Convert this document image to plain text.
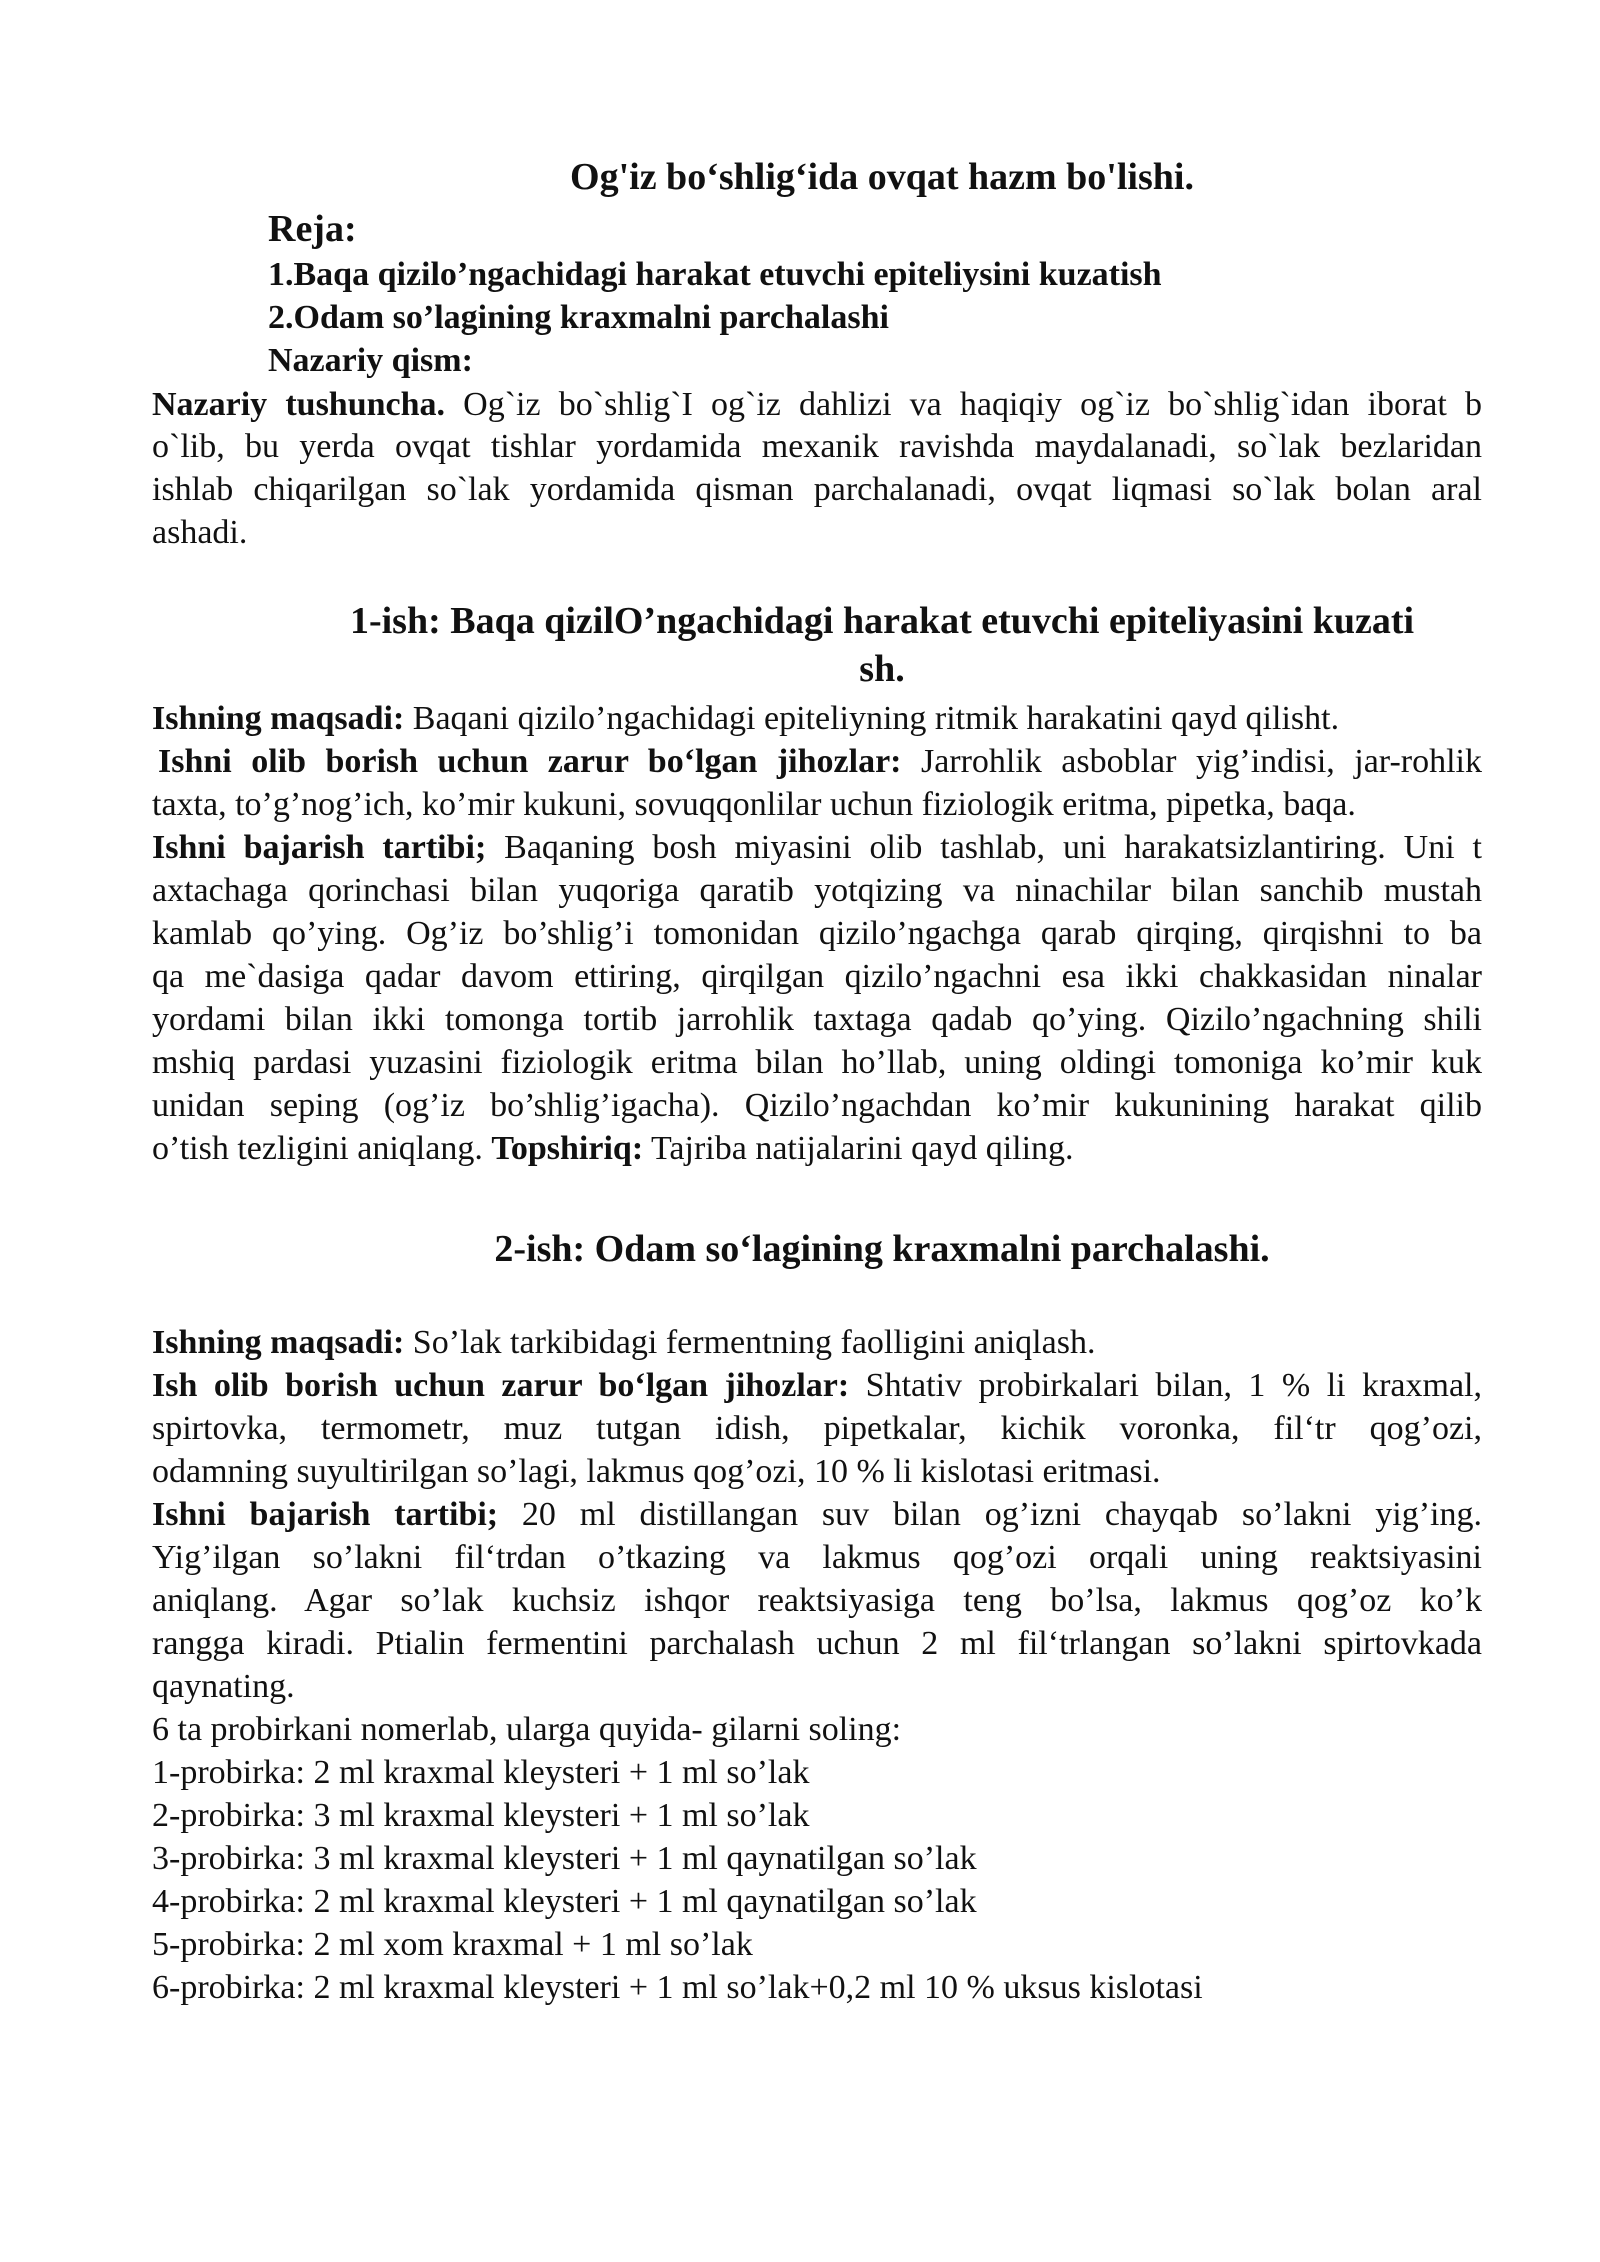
Og'iz bo‘shlig‘ida ovqat hazm bo'lishi.
Reja:
1.Baqa qizilo’ngachidagi harakat etuvchi epiteliysini kuzatish
2.Odam so’lagining kraxmalni parchalashi
Nazariy qism:
Nazariy tushuncha. Og`iz bo`shlig`I og`iz dahlizi va haqiqiy og`iz bo`shlig`idan iborat b
o`lib, bu yerda ovqat tishlar yordamida mexanik ravishda maydalanadi, so`lak bezlaridan
ishlab chiqarilgan so`lak yordamida qisman parchalanadi, ovqat liqmasi so`lak bolan aral
ashadi.
1-ish: Baqa qizilO’ngachidagi harakat etuvchi epiteliyasini kuzati
sh.
Ishning maqsadi: Baqani qizilo’ngachidagi epiteliyning ritmik harakatini qayd qilisht.
Ishni olib borish uchun zarur bo‘lgan jihozlar: Jarrohlik asboblar yig’indisi, jar-rohlik
taxta, to’g’nog’ich, ko’mir kukuni, sovuqqonlilar uchun fiziologik eritma, pipetka, baqa.
Ishni bajarish tartibi; Baqaning bosh miyasini olib tashlab, uni harakatsizlantiring. Uni t
axtachaga qorinchasi bilan yuqoriga qaratib yotqizing va ninachilar bilan sanchib mustah
kamlab qo’ying. Og’iz bo’shlig’i tomonidan qizilo’ngachga qarab qirqing, qirqishni to ba
qa me`dasiga qadar davom ettiring, qirqilgan qizilo’ngachni esa ikki chakkasidan ninalar
yordami bilan ikki tomonga tortib jarrohlik taxtaga qadab qo’ying. Qizilo’ngachning shili
mshiq pardasi yuzasini fiziologik eritma bilan ho’llab, uning oldingi tomoniga ko’mir kuk
unidan seping (og’iz bo’shlig’igacha). Qizilo’ngachdan ko’mir kukunining harakat qilib
o’tish tezligini aniqlang. Topshiriq: Tajriba natijalarini qayd qiling.
2-ish: Odam so‘lagining kraxmalni parchalashi.
Ishning maqsadi: So’lak tarkibidagi fermentning faolligini aniqlash.
Ish olib borish uchun zarur bo‘lgan jihozlar: Shtativ probirkalari bilan, 1 % li kraxmal,
spirtovka, termometr, muz tutgan idish, pipetkalar, kichik voronka, fil‘tr qog’ozi,
odamning suyultirilgan so’lagi, lakmus qog’ozi, 10 % li kislotasi eritmasi.
Ishni bajarish tartibi; 20 ml distillangan suv bilan og’izni chayqab so’lakni yig’ing.
Yig’ilgan so’lakni fil‘trdan o’tkazing va lakmus qog’ozi orqali uning reaktsiyasini
aniqlang. Agar so’lak kuchsiz ishqor reaktsiyasiga teng bo’lsa, lakmus qog’oz ko’k
rangga kiradi. Ptialin fermentini parchalash uchun 2 ml fil‘trlangan so’lakni spirtovkada
qaynating.
6 ta probirkani nomerlab, ularga quyida- gilarni soling:
1-probirka: 2 ml kraxmal kleysteri + 1 ml so’lak
2-probirka: 3 ml kraxmal kleysteri + 1 ml so’lak
3-probirka: 3 ml kraxmal kleysteri + 1 ml qaynatilgan so’lak
4-probirka: 2 ml kraxmal kleysteri + 1 ml qaynatilgan so’lak
5-probirka: 2 ml xom kraxmal + 1 ml so’lak
6-probirka: 2 ml kraxmal kleysteri + 1 ml so’lak+0,2 ml 10 % uksus kislotasi
